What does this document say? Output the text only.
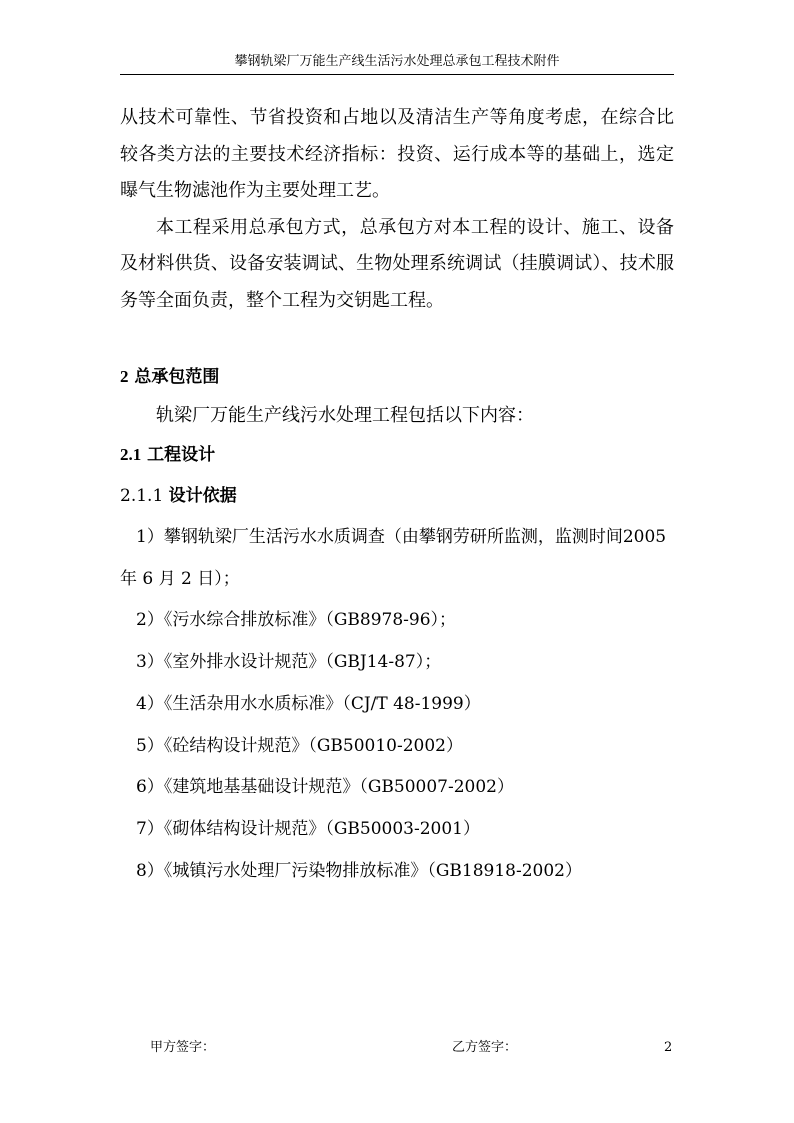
攀钢轨梁厂万能生产线生活污水处理总承包工程技术附件

从技术可靠性、节省投资和占地以及清洁生产等角度考虑，在综合比较各类方法的主要技术经济指标：投资、运行成本等的基础上，选定曝气生物滤池作为主要处理工艺。

本工程采用总承包方式，总承包方对本工程的设计、施工、设备及材料供货、设备安装调试、生物处理系统调试（挂膜调试）、技术服务等全面负责，整个工程为交钥匙工程。

2 总承包范围

轨梁厂万能生产线污水处理工程包括以下内容：

2.1 工程设计

2.1.1 设计依据

1）攀钢轨梁厂生活污水水质调查（由攀钢劳研所监测，监测时间2005 年 6 月 2 日）；

2）《污水综合排放标准》（GB8978-96）；

3）《室外排水设计规范》（GBJ14-87）；

4）《生活杂用水水质标准》（CJ/T 48-1999）

5）《砼结构设计规范》（GB50010-2002）

6）《建筑地基基础设计规范》（GB50007-2002）

7）《砌体结构设计规范》（GB50003-2001）

8）《城镇污水处理厂污染物排放标准》（GB18918-2002）

甲方签字：	乙方签字：	2
